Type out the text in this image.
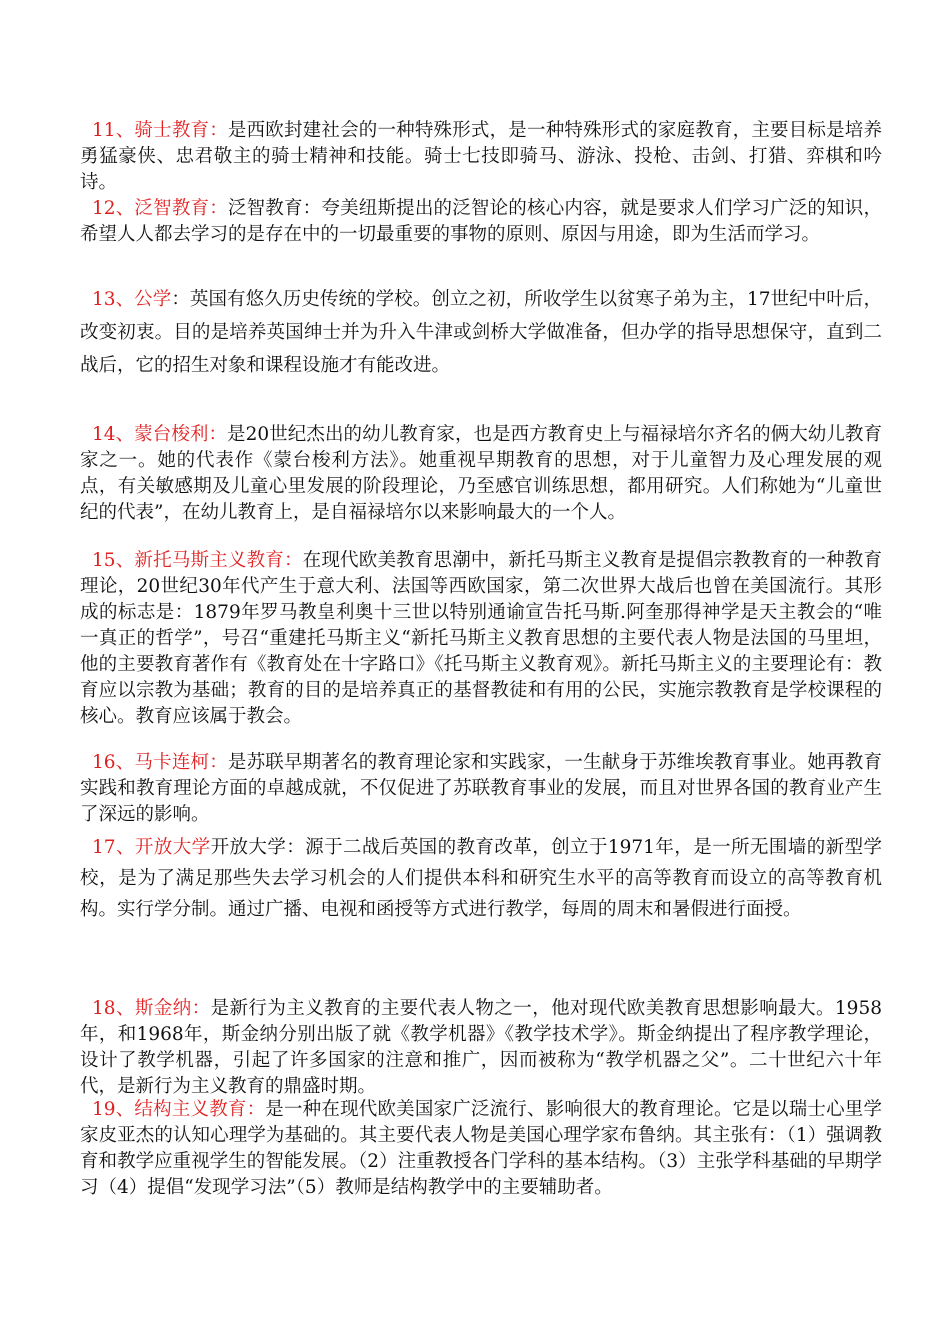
11、骑士教育：是西欧封建社会的一种特殊形式，是一种特殊形式的家庭教育，主要目标是培养勇猛豪侠、忠君敬主的骑士精神和技能。骑士七技即骑马、游泳、投枪、击剑、打猎、弈棋和吟诗。

12、泛智教育：泛智教育：夸美纽斯提出的泛智论的核心内容，就是要求人们学习广泛的知识，希望人人都去学习的是存在中的一切最重要的事物的原则、原因与用途，即为生活而学习。

13、公学：英国有悠久历史传统的学校。创立之初，所收学生以贫寒子弟为主，17世纪中叶后，改变初衷。目的是培养英国绅士并为升入牛津或剑桥大学做准备，但办学的指导思想保守，直到二战后，它的招生对象和课程设施才有能改进。

14、蒙台梭利：是20世纪杰出的幼儿教育家，也是西方教育史上与福禄培尔齐名的俩大幼儿教育家之一。她的代表作《蒙台梭利方法》。她重视早期教育的思想，对于儿童智力及心理发展的观点，有关敏感期及儿童心里发展的阶段理论，乃至感官训练思想，都用研究。人们称她为“儿童世纪的代表”，在幼儿教育上，是自福禄培尔以来影响最大的一个人。

15、新托马斯主义教育：在现代欧美教育思潮中，新托马斯主义教育是提倡宗教教育的一种教育理论，20世纪30年代产生于意大利、法国等西欧国家，第二次世界大战后也曾在美国流行。其形成的标志是：1879年罗马教皇利奥十三世以特别通谕宣告托马斯.阿奎那得神学是天主教会的“唯一真正的哲学”，号召“重建托马斯主义“新托马斯主义教育思想的主要代表人物是法国的马里坦，他的主要教育著作有《教育处在十字路口》《托马斯主义教育观》。新托马斯主义的主要理论有：教育应以宗教为基础；教育的目的是培养真正的基督教徒和有用的公民，实施宗教教育是学校课程的核心。教育应该属于教会。

16、马卡连柯：是苏联早期著名的教育理论家和实践家，一生献身于苏维埃教育事业。她再教育实践和教育理论方面的卓越成就，不仅促进了苏联教育事业的发展，而且对世界各国的教育业产生了深远的影响。

17、开放大学开放大学：源于二战后英国的教育改革，创立于1971年，是一所无围墙的新型学校，是为了满足那些失去学习机会的人们提供本科和研究生水平的高等教育而设立的高等教育机构。实行学分制。通过广播、电视和函授等方式进行教学，每周的周末和暑假进行面授。

18、斯金纳：是新行为主义教育的主要代表人物之一，他对现代欧美教育思想影响最大。1958年，和1968年，斯金纳分别出版了就《教学机器》《教学技术学》。斯金纳提出了程序教学理论，设计了教学机器，引起了许多国家的注意和推广，因而被称为“教学机器之父”。二十世纪六十年代，是新行为主义教育的鼎盛时期。

19、结构主义教育：是一种在现代欧美国家广泛流行、影响很大的教育理论。它是以瑞士心里学家皮亚杰的认知心理学为基础的。其主要代表人物是美国心理学家布鲁纳。其主张有：（1）强调教育和教学应重视学生的智能发展。（2）注重教授各门学科的基本结构。（3）主张学科基础的早期学习（4）提倡“发现学习法”（5）教师是结构教学中的主要辅助者。
